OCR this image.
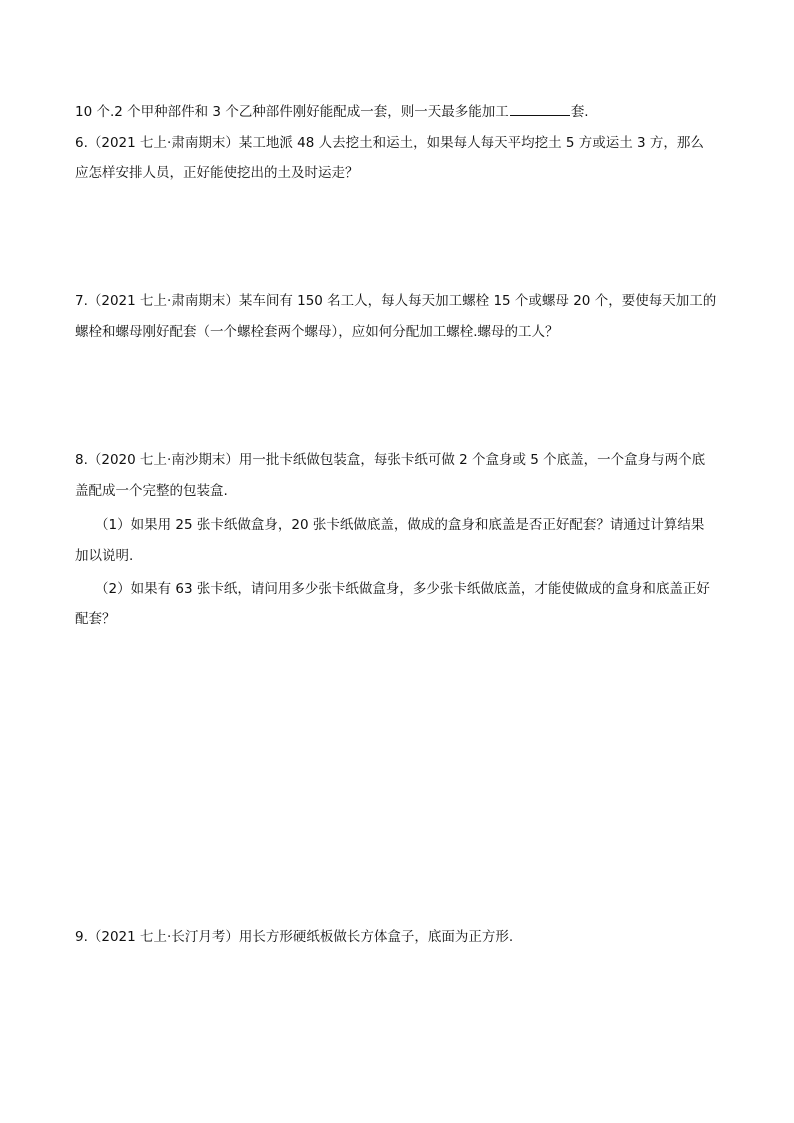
10 个.2 个甲种部件和 3 个乙种部件刚好能配成一套，则一天最多能加工	套.
6.（2021 七上·肃南期末）某工地派 48 人去挖土和运土，如果每人每天平均挖土 5 方或运土 3 方，那么
应怎样安排人员，正好能使挖出的土及时运走？
7.（2021 七上·肃南期末）某车间有 150 名工人，每人每天加工螺栓 15 个或螺母 20 个，要使每天加工的
螺栓和螺母刚好配套（一个螺栓套两个螺母），应如何分配加工螺栓.螺母的工人？
8.（2020 七上·南沙期末）用一批卡纸做包装盒，每张卡纸可做 2 个盒身或 5 个底盖，一个盒身与两个底
盖配成一个完整的包装盒.
（1）如果用 25 张卡纸做盒身，20 张卡纸做底盖，做成的盒身和底盖是否正好配套？请通过计算结果
加以说明.
（2）如果有 63 张卡纸，请问用多少张卡纸做盒身，多少张卡纸做底盖，才能使做成的盒身和底盖正好
配套？
9.（2021 七上·长汀月考）用长方形硬纸板做长方体盒子，底面为正方形.
